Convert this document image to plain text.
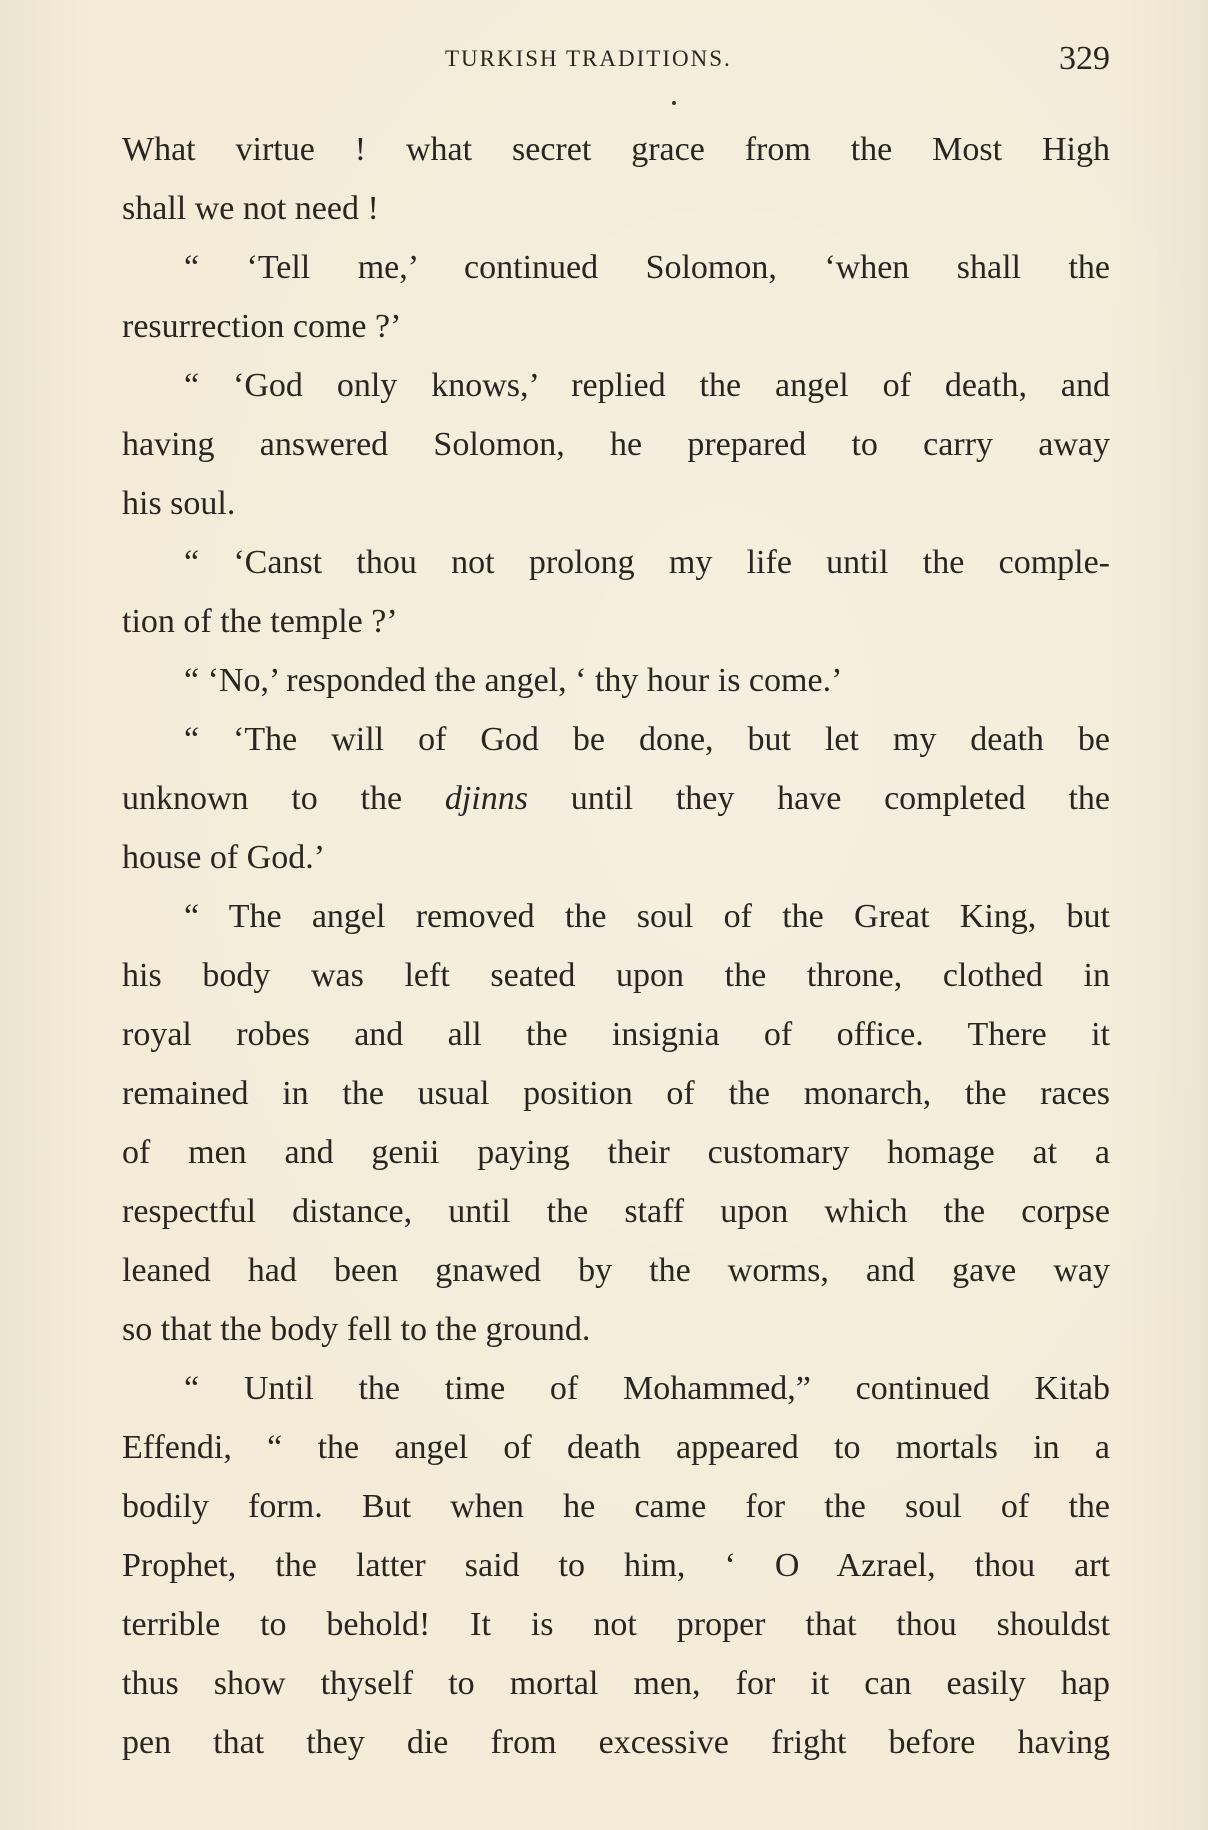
TURKISH TRADITIONS.	329
What virtue ! what secret grace from the Most High
shall we not need !
“ ‘Tell me,’ continued Solomon, ‘when shall the
resurrection come ?’
“ ‘God only knows,’ replied the angel of death, and
having answered Solomon, he prepared to carry away
his soul.
“ ‘Canst thou not prolong my life until the comple-
tion of the temple ?’
“ ‘No,’ responded the angel, ‘ thy hour is come.’
“ ‘The will of God be done, but let my death be
unknown to the djinns until they have completed the
house of God.’
“ The angel removed the soul of the Great King, but
his body was left seated upon the throne, clothed in
royal robes and all the insignia of office. There it
remained in the usual position of the monarch, the races
of men and genii paying their customary homage at a
respectful distance, until the staff upon which the corpse
leaned had been gnawed by the worms, and gave way
so that the body fell to the ground.
“ Until the time of Mohammed,” continued Kitab
Effendi, “ the angel of death appeared to mortals in a
bodily form. But when he came for the soul of the
Prophet, the latter said to him, ‘ O Azrael, thou art
terrible to behold! It is not proper that thou shouldst
thus show thyself to mortal men, for it can easily hap
pen that they die from excessive fright before having
